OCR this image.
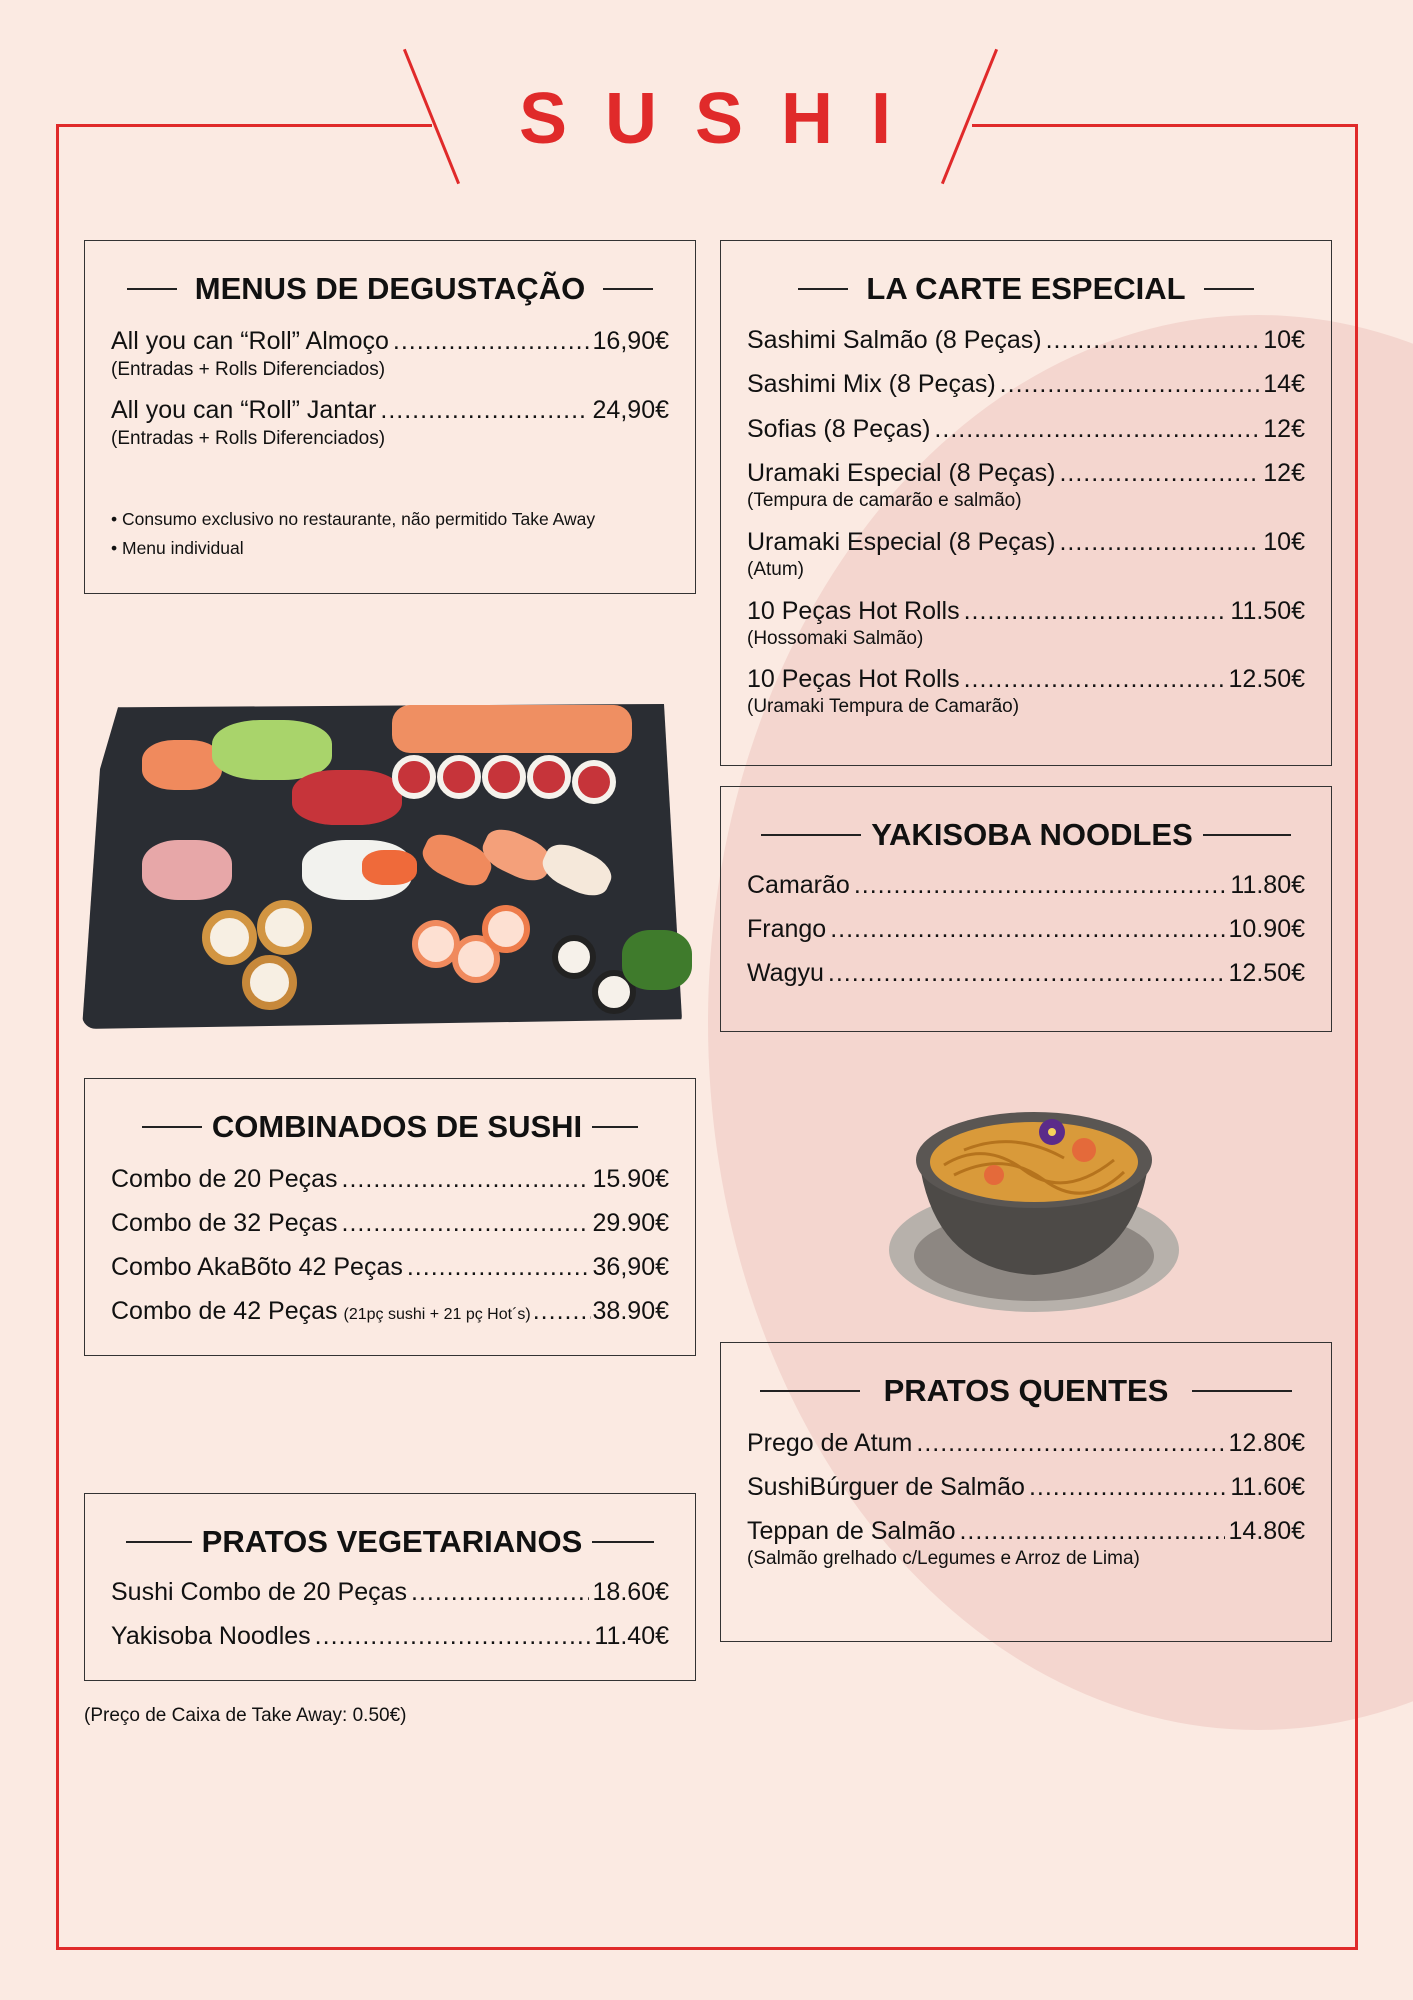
SUSHI
MENUS DE DEGUSTAÇÃO
All you can “Roll” Almoço .....	16,90€
(Entradas + Rolls Diferenciados)
All you can “Roll” Jantar .....	24,90€
(Entradas + Rolls Diferenciados)
• Consumo exclusivo no restaurante, não permitido Take Away
• Menu individual
LA CARTE ESPECIAL
Sashimi Salmão (8 Peças) .....	10€
Sashimi Mix (8 Peças) .....	14€
Sofias (8 Peças) .....	12€
Uramaki Especial (8 Peças) .....	12€
(Tempura de camarão e salmão)
Uramaki Especial (8 Peças) .....	10€
(Atum)
10 Peças Hot Rolls .....	11.50€
(Hossomaki Salmão)
10 Peças Hot Rolls .....	12.50€
(Uramaki Tempura de Camarão)
YAKISOBA NOODLES
Camarão .....	11.80€
Frango .....	10.90€
Wagyu .....	12.50€
COMBINADOS DE SUSHI
Combo de 20 Peças .....	15.90€
Combo de 32 Peças .....	29.90€
Combo AkaBõto 42 Peças .....	36,90€
Combo de 42 Peças (21pç sushi + 21 pç Hot´s) ..... 38.90€
PRATOS QUENTES
Prego de Atum .....	12.80€
SushiBúrguer de Salmão .....	11.60€
Teppan de Salmão .....	14.80€
(Salmão grelhado c/Legumes e Arroz de Lima)
PRATOS VEGETARIANOS
Sushi Combo de 20 Peças .....	18.60€
Yakisoba Noodles .....	11.40€
(Preço de Caixa de Take Away: 0.50€)
